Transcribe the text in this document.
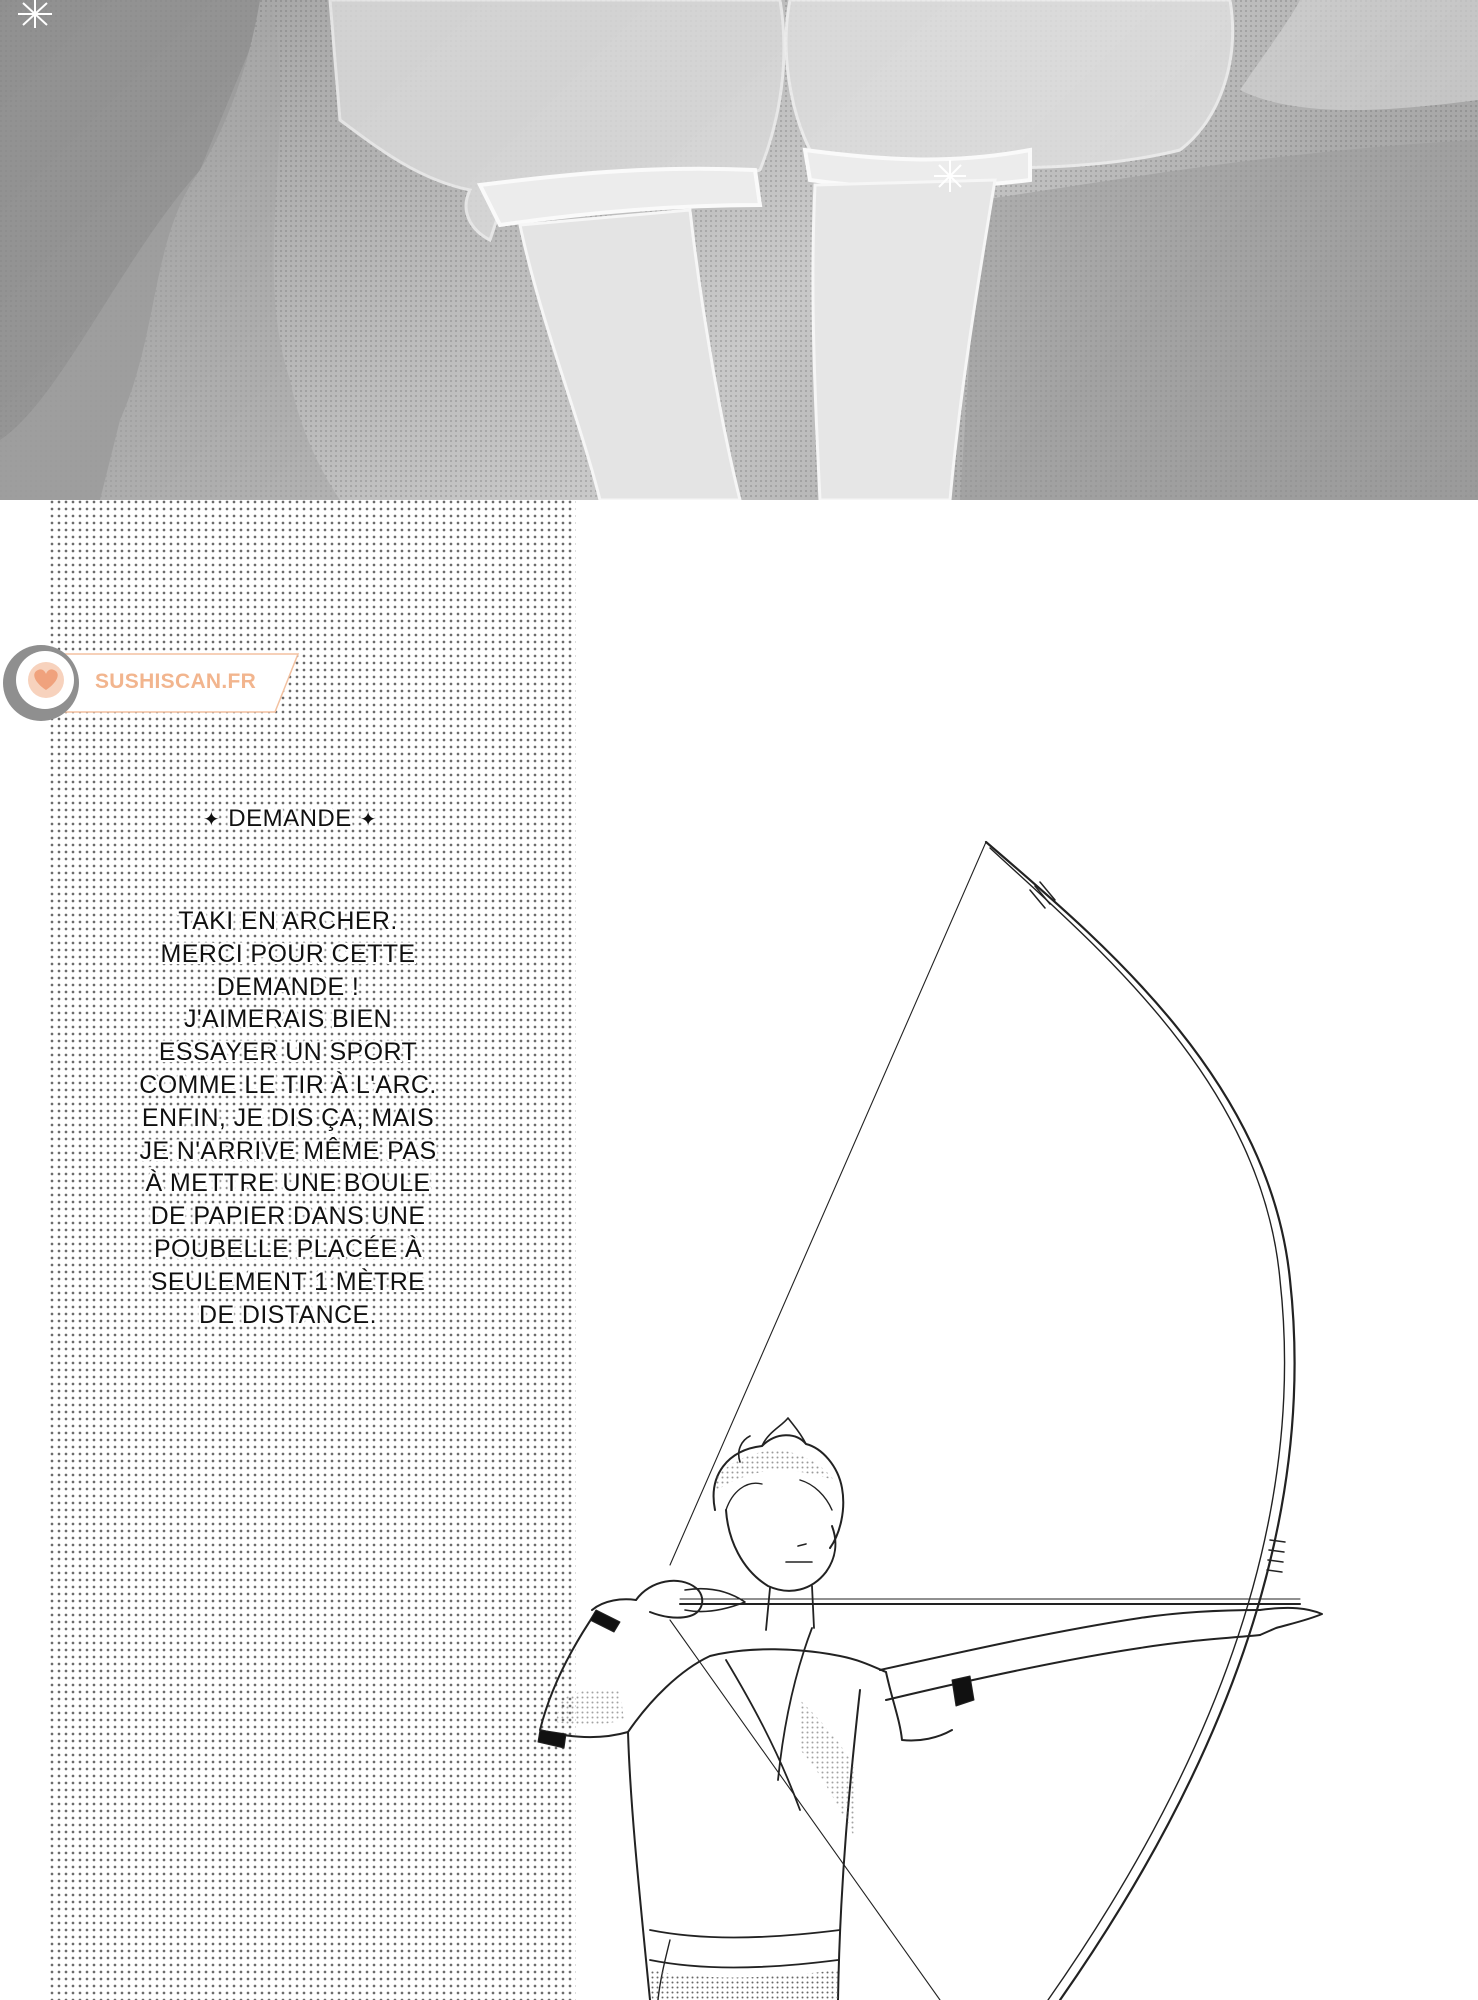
SUSHISCAN.FR
✦ DEMANDE ✦
TAKI EN ARCHER.
MERCI POUR CETTE
DEMANDE !
J'AIMERAIS BIEN
ESSAYER UN SPORT
COMME LE TIR À L'ARC.
ENFIN, JE DIS ÇA, MAIS
JE N'ARRIVE MÊME PAS
À METTRE UNE BOULE
DE PAPIER DANS UNE
POUBELLE PLACÉE À
SEULEMENT 1 MÈTRE
DE DISTANCE.
